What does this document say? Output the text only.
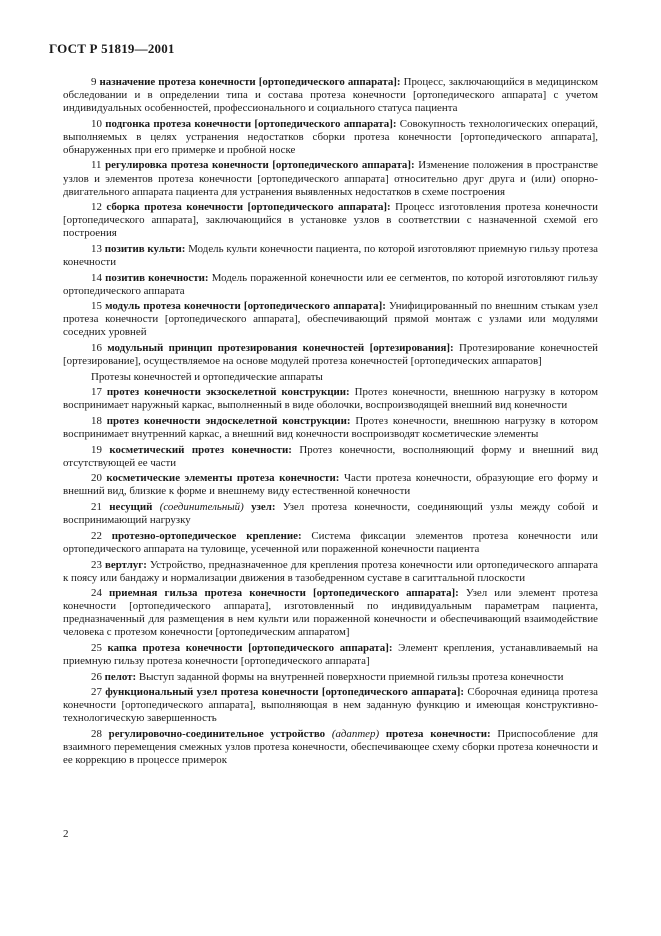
ГОСТ Р 51819—2001

9 назначение протеза конечности [ортопедического аппарата]: Процесс, заключающийся в медицинском обследовании и в определении типа и состава протеза конечности [ортопедического аппарата] с учетом индивидуальных особенностей, профессионального и социального статуса пациента

10 подгонка протеза конечности [ортопедического аппарата]: Совокупность технологических операций, выполняемых в целях устранения недостатков сборки протеза конечности [ортопедического аппарата], обнаруженных при его примерке и пробной носке

11 регулировка протеза конечности [ортопедического аппарата]: Изменение положения в пространстве узлов и элементов протеза конечности [ортопедического аппарата] относительно друг друга и (или) опорно-двигательного аппарата пациента для устранения выявленных недостатков в схеме построения

12 сборка протеза конечности [ортопедического аппарата]: Процесс изготовления протеза конечности [ортопедического аппарата], заключающийся в установке узлов в соответствии с назначенной схемой его построения

13 позитив культи: Модель культи конечности пациента, по которой изготовляют приемную гильзу протеза конечности

14 позитив конечности: Модель пораженной конечности или ее сегментов, по которой изготовляют гильзу ортопедического аппарата

15 модуль протеза конечности [ортопедического аппарата]: Унифицированный по внешним стыкам узел протеза конечности [ортопедического аппарата], обеспечивающий прямой монтаж с узлами или модулями соседних уровней

16 модульный принцип протезирования конечностей [ортезирования]: Протезирование конечностей [ортезирование], осуществляемое на основе модулей протеза конечностей [ортопедических аппаратов]

Протезы конечностей и ортопедические аппараты

17 протез конечности экзоскелетной конструкции: Протез конечности, внешнюю нагрузку в котором воспринимает наружный каркас, выполненный в виде оболочки, воспроизводящей внешний вид конечности

18 протез конечности эндоскелетной конструкции: Протез конечности, внешнюю нагрузку в котором воспринимает внутренний каркас, а внешний вид конечности воспроизводят косметические элементы

19 косметический протез конечности: Протез конечности, восполняющий форму и внешний вид отсутствующей ее части

20 косметические элементы протеза конечности: Части протеза конечности, образующие его форму и внешний вид, близкие к форме и внешнему виду естественной конечности

21 несущий (соединительный) узел: Узел протеза конечности, соединяющий узлы между собой и воспринимающий нагрузку

22 протезно-ортопедическое крепление: Система фиксации элементов протеза конечности или ортопедического аппарата на туловище, усеченной или пораженной конечности пациента

23 вертлуг: Устройство, предназначенное для крепления протеза конечности или ортопедического аппарата к поясу или бандажу и нормализации движения в тазобедренном суставе в сагиттальной плоскости

24 приемная гильза протеза конечности [ортопедического аппарата]: Узел или элемент протеза конечности [ортопедического аппарата], изготовленный по индивидуальным параметрам пациента, предназначенный для размещения в нем культи или пораженной конечности и обеспечивающий взаимодействие человека с протезом конечности [ортопедическим аппаратом]

25 капка протеза конечности [ортопедического аппарата]: Элемент крепления, устанавливаемый на приемную гильзу протеза конечности [ортопедического аппарата]

26 пелот: Выступ заданной формы на внутренней поверхности приемной гильзы протеза конечности

27 функциональный узел протеза конечности [ортопедического аппарата]: Сборочная единица протеза конечности [ортопедического аппарата], выполняющая в нем заданную функцию и имеющая конструктивно-технологическую завершенность

28 регулировочно-соединительное устройство (адаптер) протеза конечности: Приспособление для взаимного перемещения смежных узлов протеза конечности, обеспечивающее схему сборки протеза конечности и ее коррекцию в процессе примерок

2
